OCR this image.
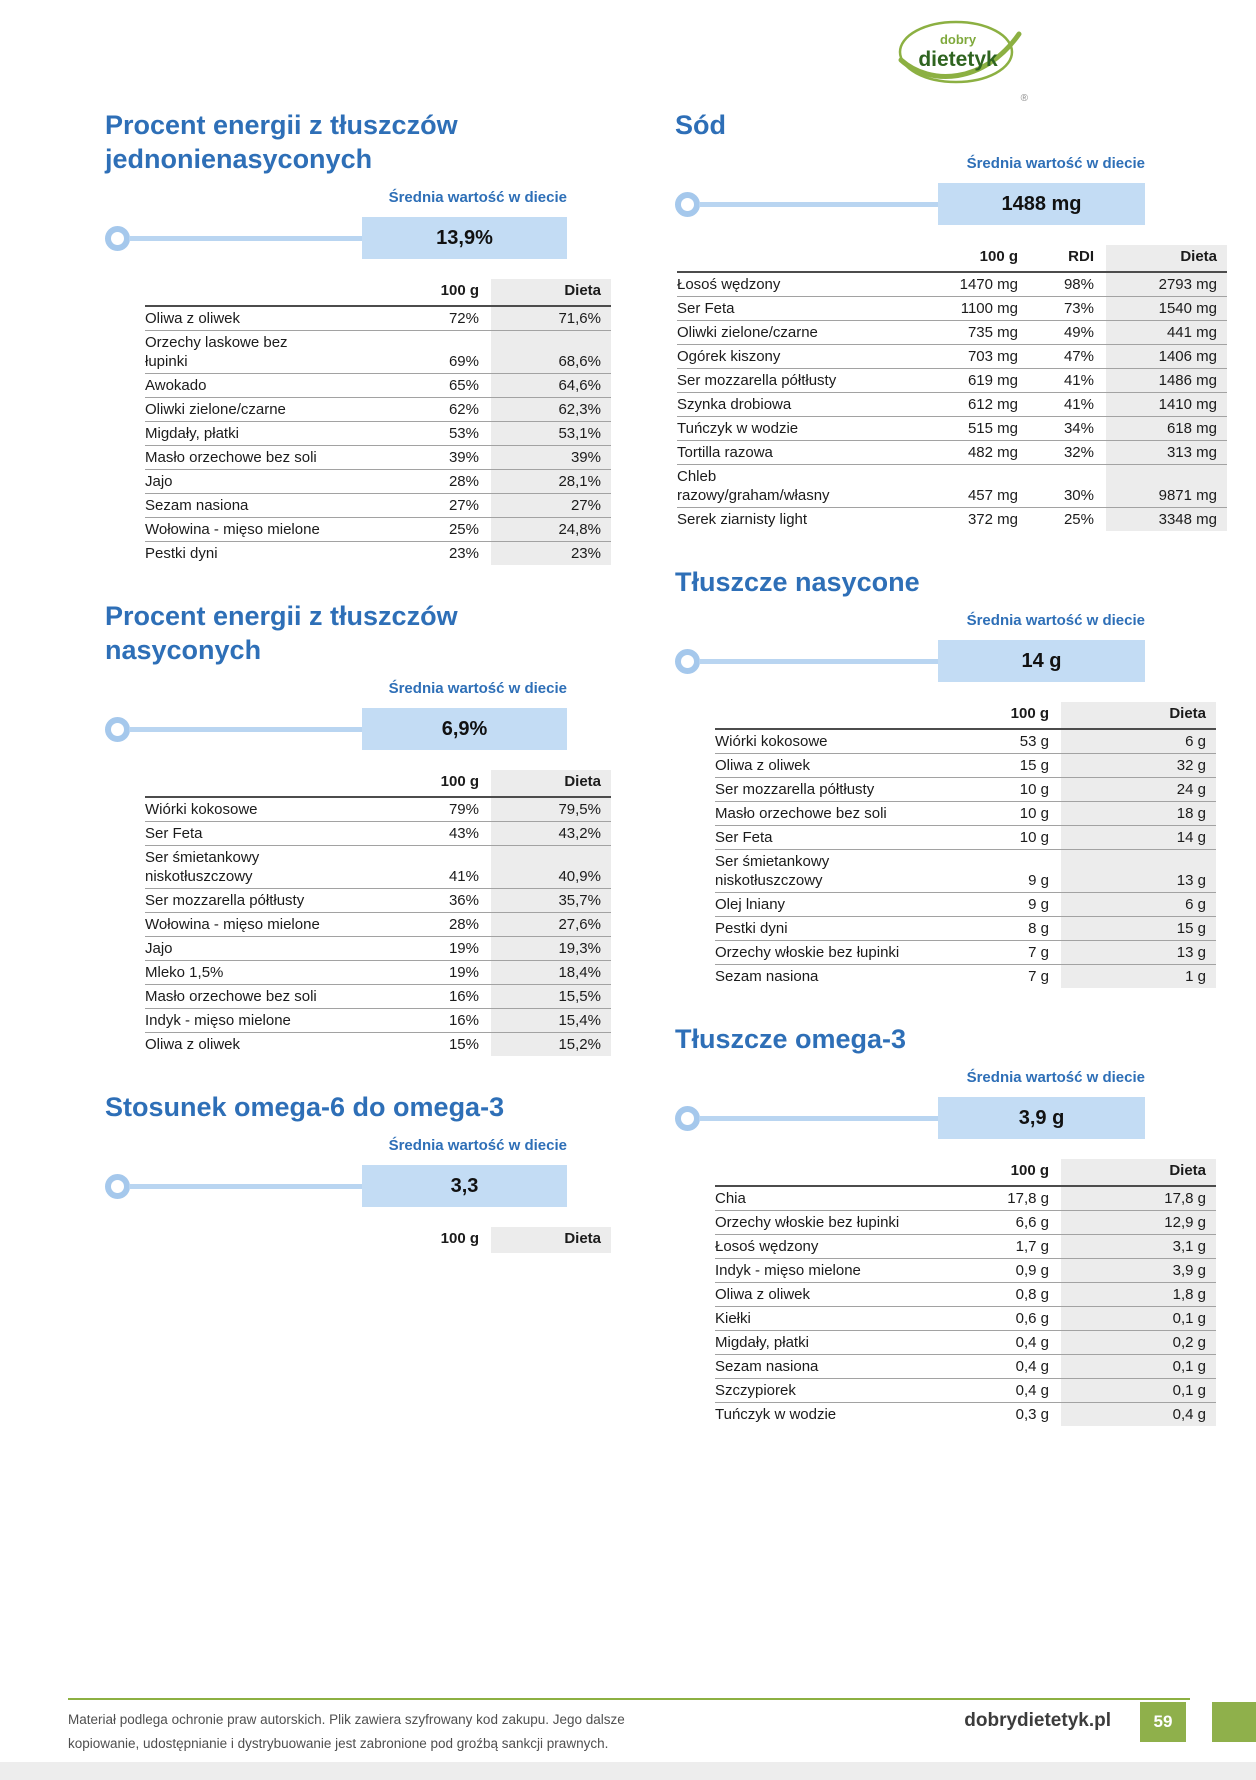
dobry
dietetyk
®
Procent energii z tłuszczów jednonienasyconych
Średnia wartość w diecie
13,9%
	100 g	Dieta
Oliwa z oliwek	72%	71,6%
Orzechy laskowe bez łupinki	69%	68,6%
Awokado	65%	64,6%
Oliwki zielone/czarne	62%	62,3%
Migdały, płatki	53%	53,1%
Masło orzechowe bez soli	39%	39%
Jajo	28%	28,1%
Sezam nasiona	27%	27%
Wołowina - mięso mielone	25%	24,8%
Pestki dyni	23%	23%
Procent energii z tłuszczów nasyconych
Średnia wartość w diecie
6,9%
	100 g	Dieta
Wiórki kokosowe	79%	79,5%
Ser Feta	43%	43,2%
Ser śmietankowy niskotłuszczowy	41%	40,9%
Ser mozzarella półtłusty	36%	35,7%
Wołowina - mięso mielone	28%	27,6%
Jajo	19%	19,3%
Mleko 1,5%	19%	18,4%
Masło orzechowe bez soli	16%	15,5%
Indyk - mięso mielone	16%	15,4%
Oliwa z oliwek	15%	15,2%
Stosunek omega-6 do omega-3
Średnia wartość w diecie
3,3
	100 g	Dieta
Sód
Średnia wartość w diecie
1488 mg
	100 g	RDI	Dieta
Łosoś wędzony	1470 mg	98%	2793 mg
Ser Feta	1100 mg	73%	1540 mg
Oliwki zielone/czarne	735 mg	49%	441 mg
Ogórek kiszony	703 mg	47%	1406 mg
Ser mozzarella półtłusty	619 mg	41%	1486 mg
Szynka drobiowa	612 mg	41%	1410 mg
Tuńczyk w wodzie	515 mg	34%	618 mg
Tortilla razowa	482 mg	32%	313 mg
Chleb razowy/graham/własny	457 mg	30%	9871 mg
Serek ziarnisty light	372 mg	25%	3348 mg
Tłuszcze nasycone
Średnia wartość w diecie
14 g
	100 g	Dieta
Wiórki kokosowe	53 g	6 g
Oliwa z oliwek	15 g	32 g
Ser mozzarella półtłusty	10 g	24 g
Masło orzechowe bez soli	10 g	18 g
Ser Feta	10 g	14 g
Ser śmietankowy niskotłuszczowy	9 g	13 g
Olej lniany	9 g	6 g
Pestki dyni	8 g	15 g
Orzechy włoskie bez łupinki	7 g	13 g
Sezam nasiona	7 g	1 g
Tłuszcze omega-3
Średnia wartość w diecie
3,9 g
	100 g	Dieta
Chia	17,8 g	17,8 g
Orzechy włoskie bez łupinki	6,6 g	12,9 g
Łosoś wędzony	1,7 g	3,1 g
Indyk - mięso mielone	0,9 g	3,9 g
Oliwa z oliwek	0,8 g	1,8 g
Kiełki	0,6 g	0,1 g
Migdały, płatki	0,4 g	0,2 g
Sezam nasiona	0,4 g	0,1 g
Szczypiorek	0,4 g	0,1 g
Tuńczyk w wodzie	0,3 g	0,4 g
Materiał podlega ochronie praw autorskich. Plik zawiera szyfrowany kod zakupu. Jego dalsze kopiowanie, udostępnianie i dystrybuowanie jest zabronione pod groźbą sankcji prawnych.
dobrydietetyk.pl	59
